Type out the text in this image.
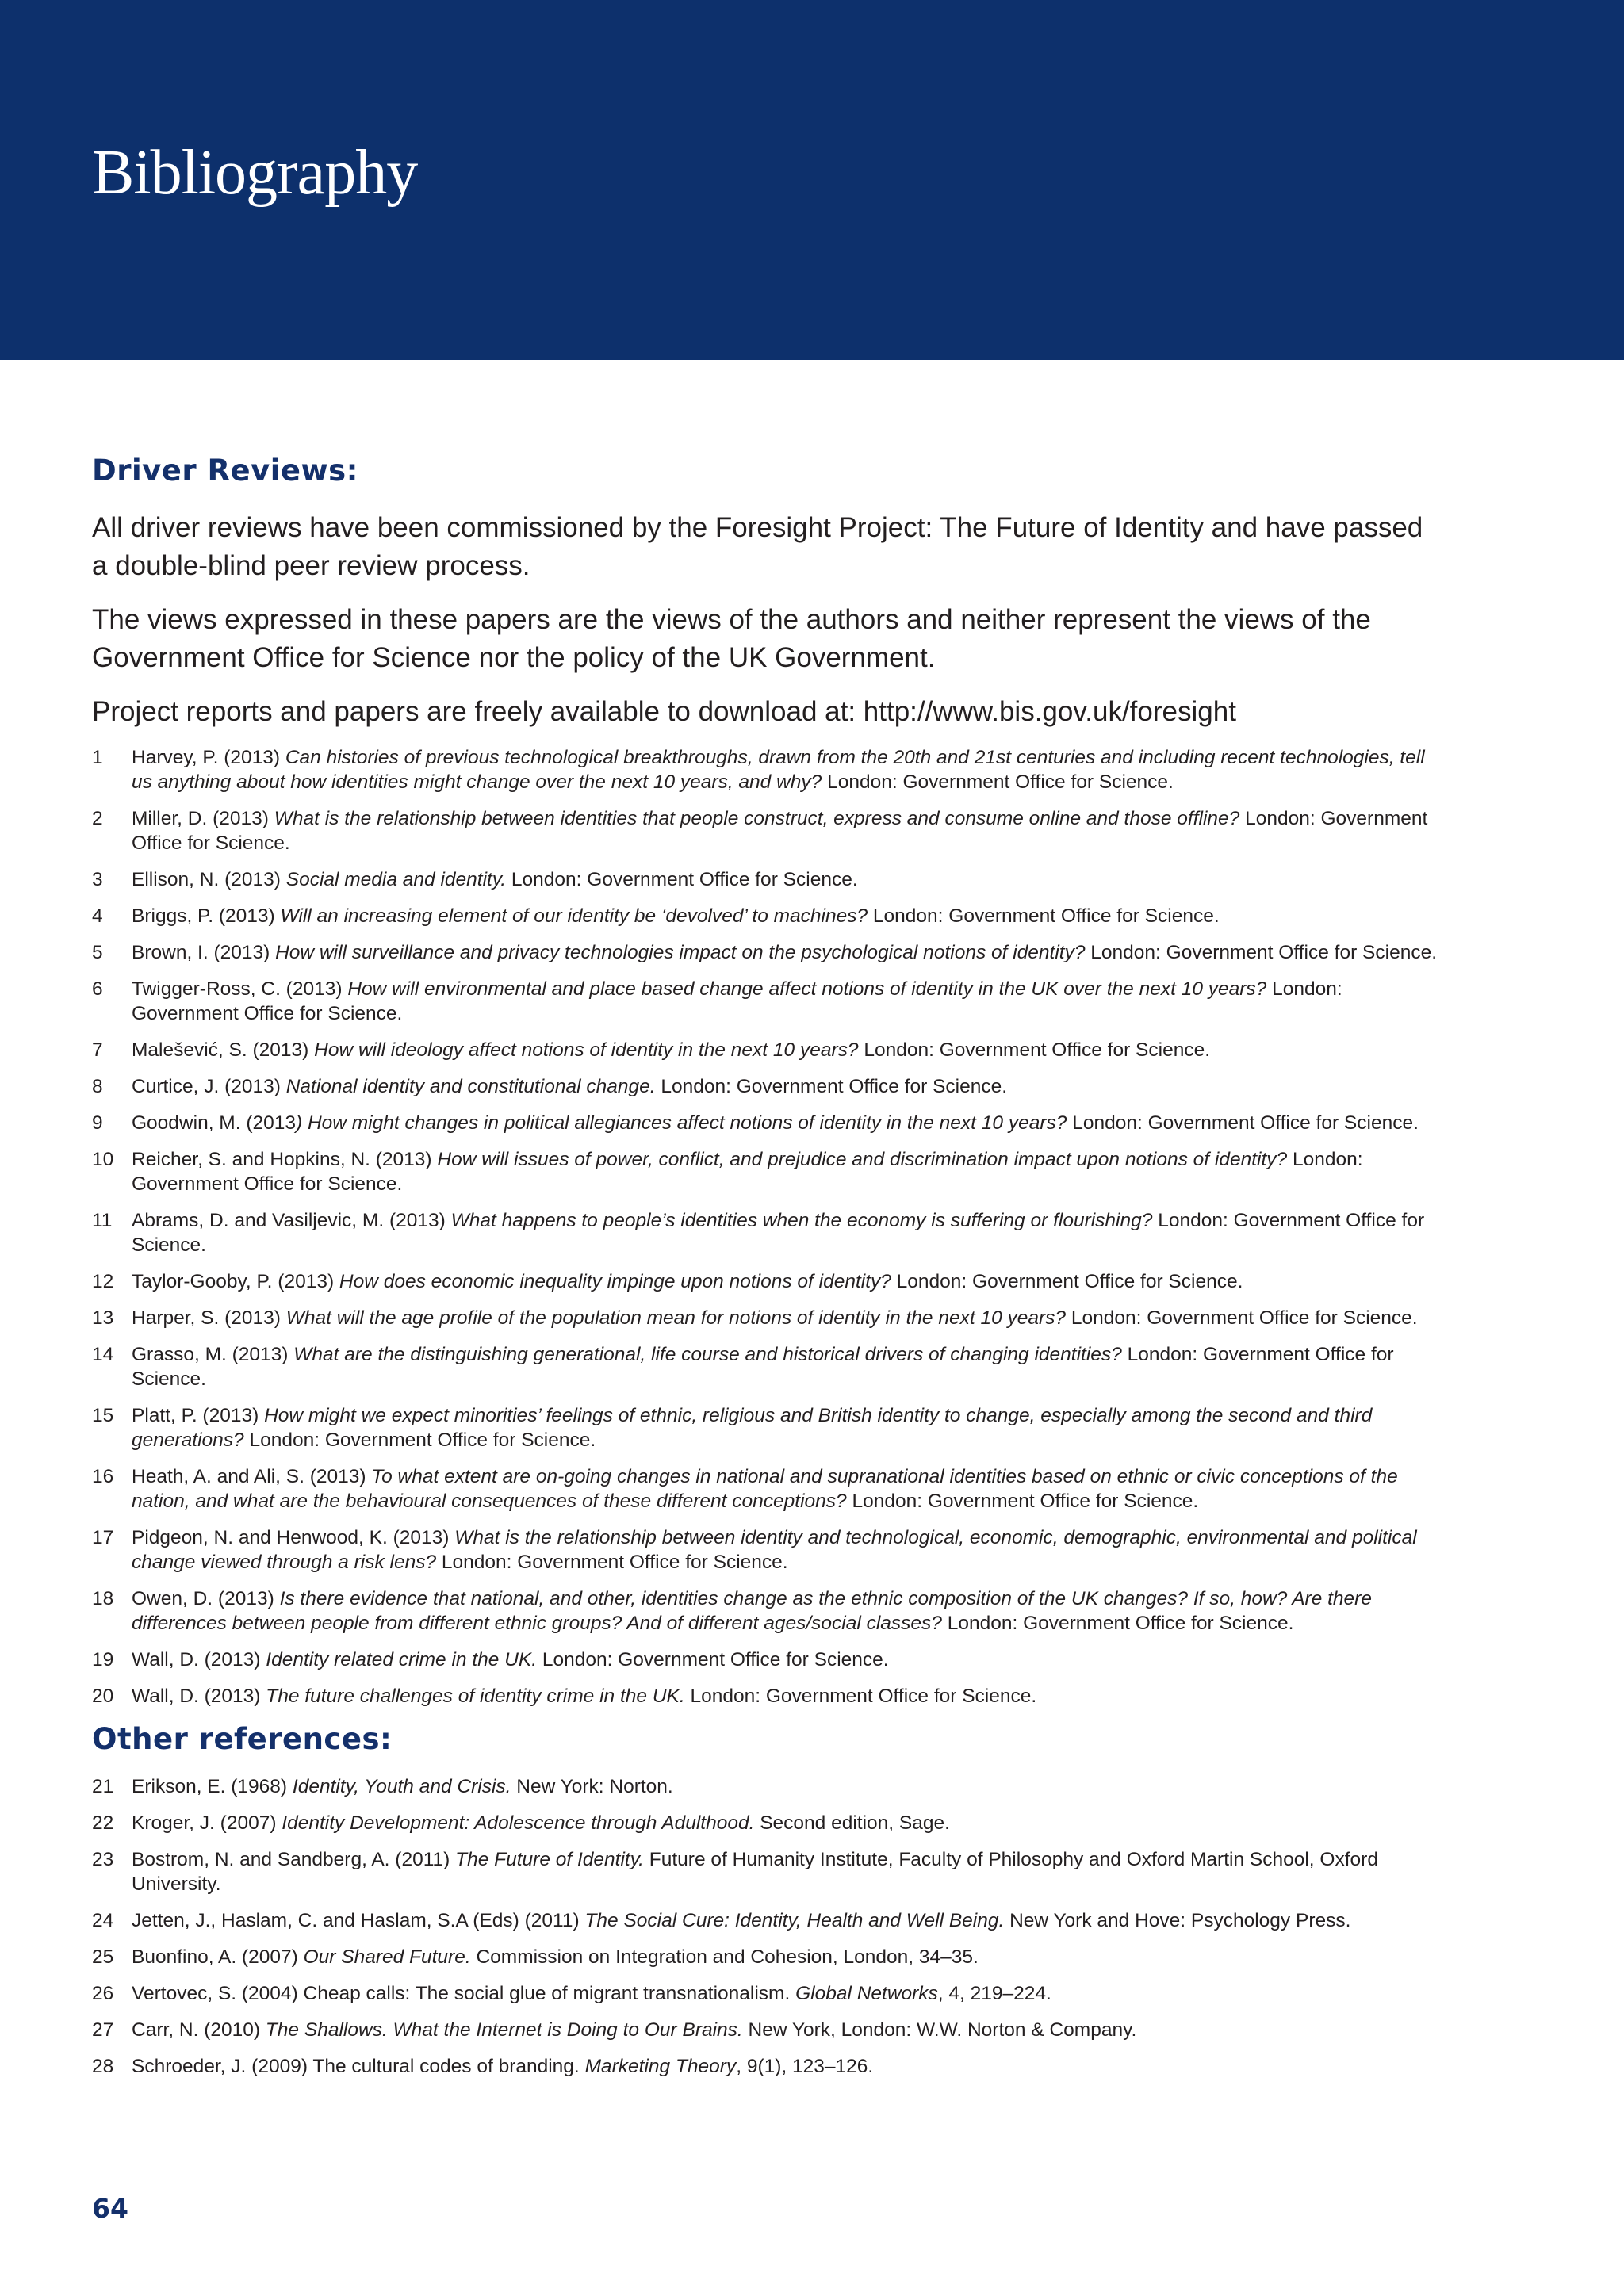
Bibliography
Driver Reviews:

All driver reviews have been commissioned by the Foresight Project: The Future of Identity and have passed a double-blind peer review process.

The views expressed in these papers are the views of the authors and neither represent the views of the Government Office for Science nor the policy of the UK Government.

Project reports and papers are freely available to download at: http://www.bis.gov.uk/foresight

1 Harvey, P. (2013) Can histories of previous technological breakthroughs, drawn from the 20th and 21st centuries and including recent technologies, tell us anything about how identities might change over the next 10 years, and why? London: Government Office for Science.
2 Miller, D. (2013) What is the relationship between identities that people construct, express and consume online and those offline? London: Government Office for Science.
3 Ellison, N. (2013) Social media and identity. London: Government Office for Science.
4 Briggs, P. (2013) Will an increasing element of our identity be ‘devolved’ to machines? London: Government Office for Science.
5 Brown, I. (2013) How will surveillance and privacy technologies impact on the psychological notions of identity? London: Government Office for Science.
6 Twigger-Ross, C. (2013) How will environmental and place based change affect notions of identity in the UK over the next 10 years? London: Government Office for Science.
7 Malešević, S. (2013) How will ideology affect notions of identity in the next 10 years? London: Government Office for Science.
8 Curtice, J. (2013) National identity and constitutional change. London: Government Office for Science.
9 Goodwin, M. (2013) How might changes in political allegiances affect notions of identity in the next 10 years? London: Government Office for Science.
10 Reicher, S. and Hopkins, N. (2013) How will issues of power, conflict, and prejudice and discrimination impact upon notions of identity? London: Government Office for Science.
11 Abrams, D. and Vasiljevic, M. (2013) What happens to people’s identities when the economy is suffering or flourishing? London: Government Office for Science.
12 Taylor-Gooby, P. (2013) How does economic inequality impinge upon notions of identity? London: Government Office for Science.
13 Harper, S. (2013) What will the age profile of the population mean for notions of identity in the next 10 years? London: Government Office for Science.
14 Grasso, M. (2013) What are the distinguishing generational, life course and historical drivers of changing identities? London: Government Office for Science.
15 Platt, P. (2013) How might we expect minorities’ feelings of ethnic, religious and British identity to change, especially among the second and third generations? London: Government Office for Science.
16 Heath, A. and Ali, S. (2013) To what extent are on-going changes in national and supranational identities based on ethnic or civic conceptions of the nation, and what are the behavioural consequences of these different conceptions? London: Government Office for Science.
17 Pidgeon, N. and Henwood, K. (2013) What is the relationship between identity and technological, economic, demographic, environmental and political change viewed through a risk lens? London: Government Office for Science.
18 Owen, D. (2013) Is there evidence that national, and other, identities change as the ethnic composition of the UK changes? If so, how? Are there differences between people from different ethnic groups? And of different ages/social classes? London: Government Office for Science.
19 Wall, D. (2013) Identity related crime in the UK. London: Government Office for Science.
20 Wall, D. (2013) The future challenges of identity crime in the UK. London: Government Office for Science.
Other references:
21 Erikson, E. (1968) Identity, Youth and Crisis. New York: Norton.
22 Kroger, J. (2007) Identity Development: Adolescence through Adulthood. Second edition, Sage.
23 Bostrom, N. and Sandberg, A. (2011) The Future of Identity. Future of Humanity Institute, Faculty of Philosophy and Oxford Martin School, Oxford University.
24 Jetten, J., Haslam, C. and Haslam, S.A (Eds) (2011) The Social Cure: Identity, Health and Well Being. New York and Hove: Psychology Press.
25 Buonfino, A. (2007) Our Shared Future. Commission on Integration and Cohesion, London, 34–35.
26 Vertovec, S. (2004) Cheap calls: The social glue of migrant transnationalism. Global Networks, 4, 219–224.
27 Carr, N. (2010) The Shallows. What the Internet is Doing to Our Brains. New York, London: W.W. Norton & Company.
28 Schroeder, J. (2009) The cultural codes of branding. Marketing Theory, 9(1), 123–126.

64
